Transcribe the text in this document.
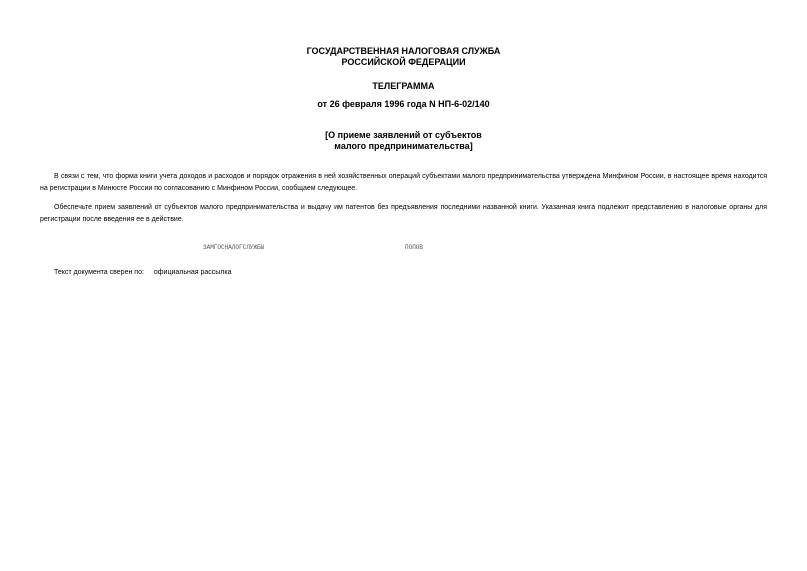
ГОСУДАРСТВЕННАЯ НАЛОГОВАЯ СЛУЖБА
РОССИЙСКОЙ ФЕДЕРАЦИИ
ТЕЛЕГРАММА
от 26 февраля 1996 года N НП-6-02/140
[О приеме заявлений от субъектов
малого предпринимательства]
В связи с тем, что форма книги учета доходов и расходов и порядок отражения в ней хозяйственных операций субъектами малого предпринимательства утверждена Минфином России, в настоящее время находится на регистрации в Минюсте России по согласованию с Минфином России, сообщаем следующее.
Обеспечьте прием заявлений от субъектов малого предпринимательства и выдачу им патентов без предъявления последними названной книги. Указанная книга подлежит представлению в налоговые органы для регистрации после введения ее в действие.
ЗАМГОСНАЛОГСЛУЖБЫ	ПОПОВ
Текст документа сверен по: официальная рассылка
